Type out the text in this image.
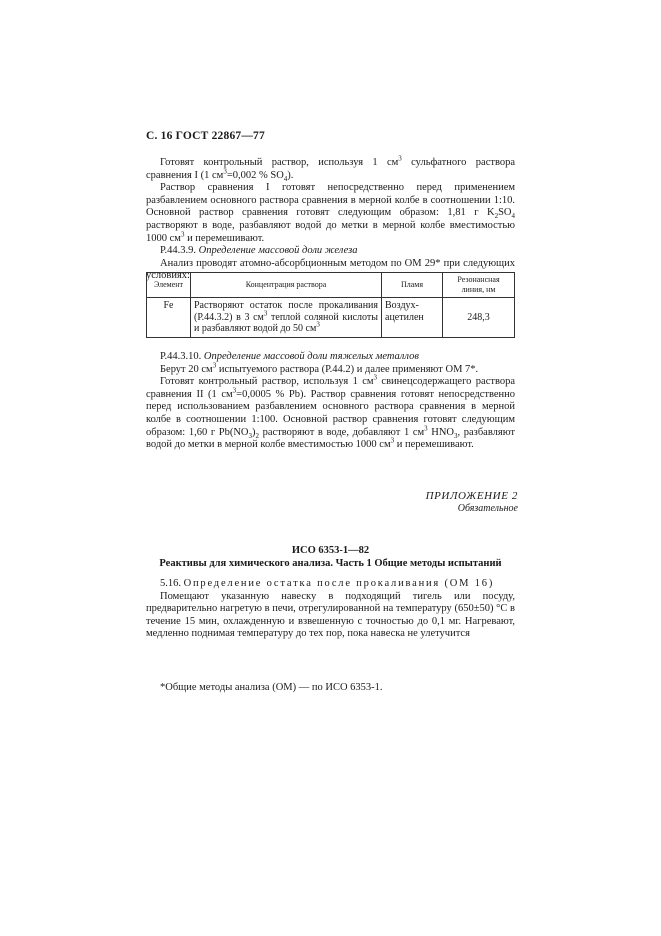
С. 16 ГОСТ 22867—77

Готовят контрольный раствор, используя 1 $см^3$ сульфатного раствора сравнения I (1 $см^3=0,002$ % $SO_4$).

Раствор сравнения I готовят непосредственно перед применением разбавлением основного раствора сравнения в мерной колбе в соотношении 1:10. Основной раствор сравнения готовят следующим образом: 1,81 г $K_2SO_4$ растворяют в воде, разбавляют водой до метки в мерной колбе вместимостью 1000 $см^3$ и перемешивают.

Р.44.3.9. Определение массовой доли железа

Анализ проводят атомно-абсорбционным методом по ОМ 29* при следующих условиях:

Элемент	Концентрация раствора	Пламя	Резонансная линия, нм
Fe	Растворяют остаток после прокаливания (Р.44.3.2) в 3 $см^3$ теплой соляной кислоты и разбавляют водой до 50 $см^3$	Воздух-ацетилен	248,3

Р.44.3.10. Определение массовой доли тяжелых металлов

Берут 20 $см^3$ испытуемого раствора (Р.44.2) и далее применяют ОМ 7*.

Готовят контрольный раствор, используя 1 $см^3$ свинецсодержащего раствора сравнения II (1 $см^3=0,0005$ % Pb). Раствор сравнения готовят непосредственно перед использованием разбавлением основного раствора сравнения в мерной колбе в соотношении 1:100. Основной раствор сравнения готовят следующим образом: 1,60 г $Pb(NO_3)_2$ растворяют в воде, добавляют 1 $см^3$ $HNO_3$, разбавляют водой до метки в мерной колбе вместимостью 1000 $см^3$ и перемешивают.

ПРИЛОЖЕНИЕ 2
Обязательное
ИСО 6353-1—82
Реактивы для химического анализа. Часть 1 Общие методы испытаний

5.16. Определение остатка после прокаливания (ОМ 16)

Помещают указанную навеску в подходящий тигель или посуду, предварительно нагретую в печи, отрегулированной на температуру (650±50) °С в течение 15 мин, охлажденную и взвешенную с точностью до 0,1 мг. Нагревают, медленно поднимая температуру до тех пор, пока навеска не улетучится

*Общие методы анализа (ОМ) — по ИСО 6353-1.
